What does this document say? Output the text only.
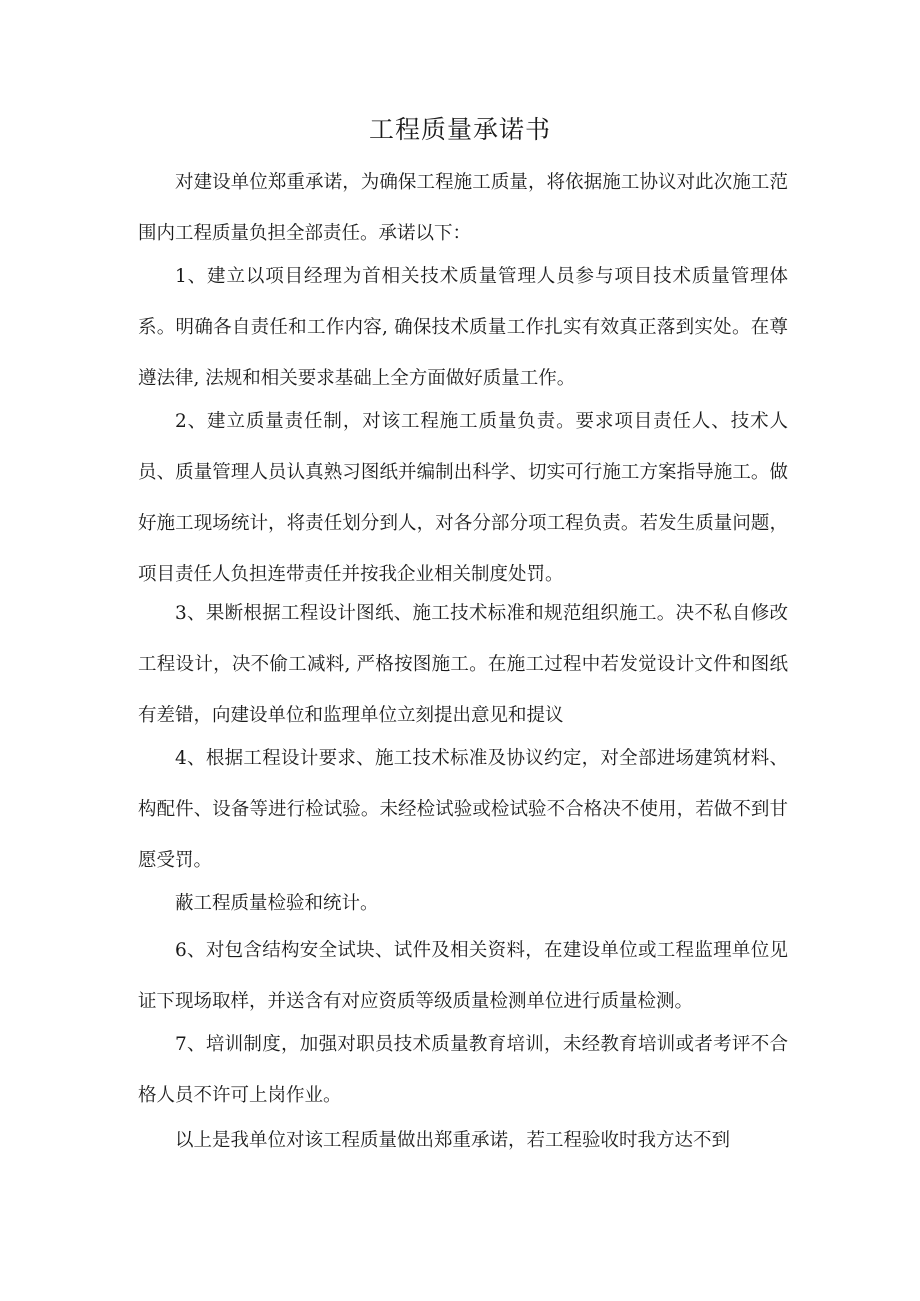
工程质量承诺书

对建设单位郑重承诺，为确保工程施工质量，将依据施工协议对此次施工范围内工程质量负担全部责任。承诺以下：

1、建立以项目经理为首相关技术质量管理人员参与项目技术质量管理体系。明确各自责任和工作内容, 确保技术质量工作扎实有效真正落到实处。在尊遵法律, 法规和相关要求基础上全方面做好质量工作。

2、建立质量责任制，对该工程施工质量负责。要求项目责任人、技术人员、质量管理人员认真熟习图纸并编制出科学、切实可行施工方案指导施工。做好施工现场统计，将责任划分到人，对各分部分项工程负责。若发生质量问题，项目责任人负担连带责任并按我企业相关制度处罚。

3、果断根据工程设计图纸、施工技术标准和规范组织施工。决不私自修改工程设计，决不偷工减料, 严格按图施工。在施工过程中若发觉设计文件和图纸有差错，向建设单位和监理单位立刻提出意见和提议

4、根据工程设计要求、施工技术标准及协议约定，对全部进场建筑材料、构配件、设备等进行检试验。未经检试验或检试验不合格决不使用，若做不到甘愿受罚。

蔽工程质量检验和统计。

6、对包含结构安全试块、试件及相关资料，在建设单位或工程监理单位见证下现场取样，并送含有对应资质等级质量检测单位进行质量检测。

7、培训制度，加强对职员技术质量教育培训，未经教育培训或者考评不合格人员不许可上岗作业。

以上是我单位对该工程质量做出郑重承诺，若工程验收时我方达不到
